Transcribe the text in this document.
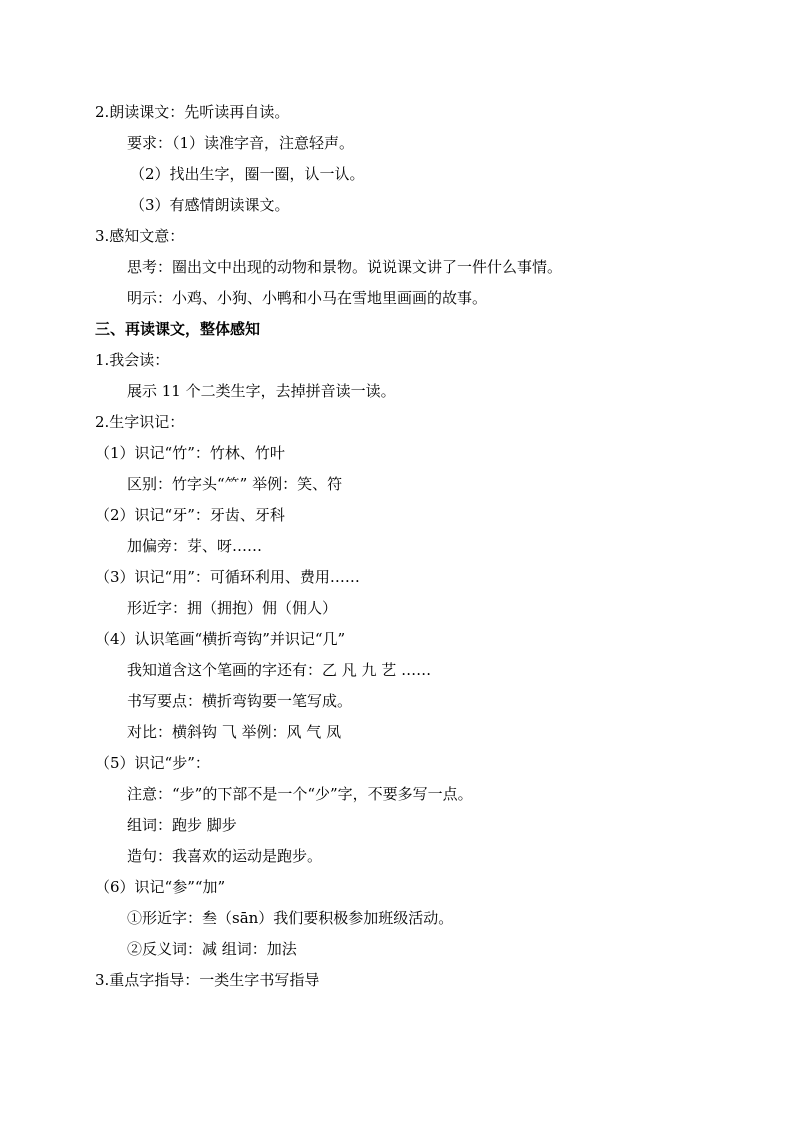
2.朗读课文：先听读再自读。
要求：（1）读准字音，注意轻声。
（2）找出生字，圈一圈，认一认。
（3）有感情朗读课文。
3.感知文意：
思考：圈出文中出现的动物和景物。说说课文讲了一件什么事情。
明示：小鸡、小狗、小鸭和小马在雪地里画画的故事。
三、再读课文，整体感知
1.我会读：
展示 11 个二类生字，去掉拼音读一读。
2.生字识记：
（1）识记“竹”：竹林、竹叶
区别：竹字头“⺮” 举例：笑、符
（2）识记“牙”：牙齿、牙科
加偏旁：芽、呀……
（3）识记“用”：可循环利用、费用……
形近字：拥（拥抱）佣（佣人）
（4）认识笔画“横折弯钩”并识记“几”
我知道含这个笔画的字还有：乙 凡 九 艺 ……
书写要点：横折弯钩要一笔写成。
对比：横斜钩 ⺄ 举例：风 气 凤
（5）识记“步”：
注意：“步”的下部不是一个“少”字，不要多写一点。
组词：跑步 脚步
造句：我喜欢的运动是跑步。
（6）识记“参”“加”
①形近字：叁（sān）我们要积极参加班级活动。
②反义词：减 组词：加法
3.重点字指导：一类生字书写指导
